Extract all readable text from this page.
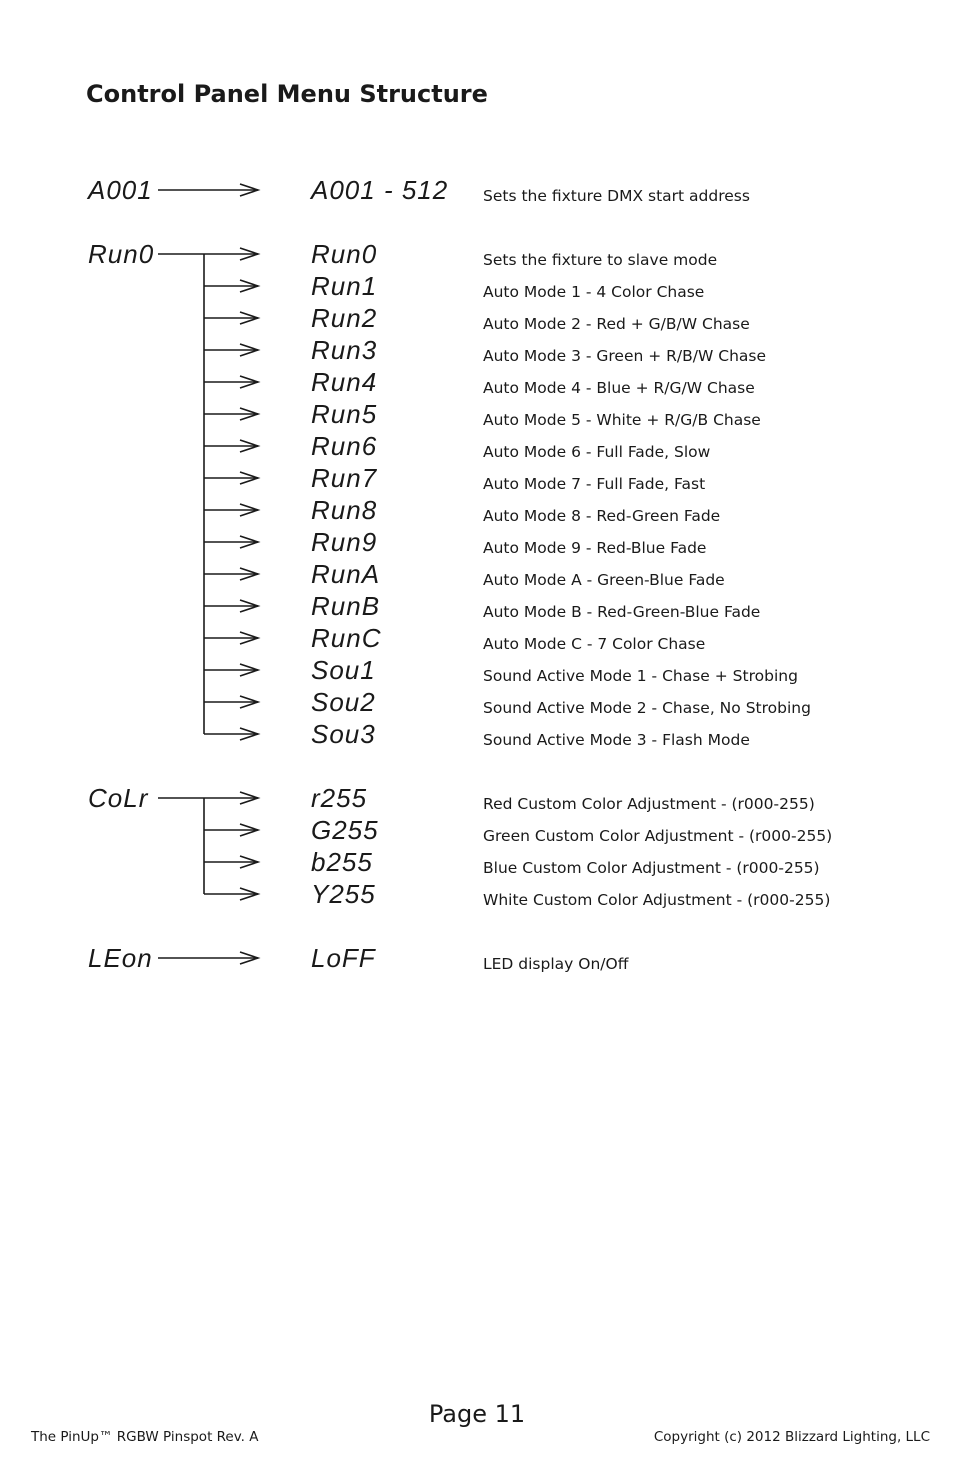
Control Panel Menu Structure
A001	A001 - 512 Sets the fixture DMX start address
Run0	Run0	Sets the fixture to slave mode
Run1	Auto Mode 1 - 4 Color Chase
Run2	Auto Mode 2 - Red + G/B/W Chase
Run3	Auto Mode 3 - Green + R/B/W Chase
Run4	Auto Mode 4 - Blue + R/G/W Chase
Run5	Auto Mode 5 - White + R/G/B Chase
Run6	Auto Mode 6 - Full Fade, Slow
Run7	Auto Mode 7 - Full Fade, Fast
Run8	Auto Mode 8 - Red-Green Fade
Run9	Auto Mode 9 - Red-Blue Fade
RunA	Auto Mode A - Green-Blue Fade
RunB	Auto Mode B - Red-Green-Blue Fade
RunC	Auto Mode C - 7 Color Chase
Sou1	Sound Active Mode 1 - Chase + Strobing
Sou2	Sound Active Mode 2 - Chase, No Strobing
Sou3	Sound Active Mode 3 - Flash Mode
CoLr	r255	Red Custom Color Adjustment - (r000-255)
G255	Green Custom Color Adjustment - (r000-255)
b255	Blue Custom Color Adjustment - (r000-255)
Y255	White Custom Color Adjustment - (r000-255)
LEon	LoFF	LED display On/Off
Page 11
The PinUp™ RGBW Pinspot Rev. A	Copyright (c) 2012 Blizzard Lighting, LLC
